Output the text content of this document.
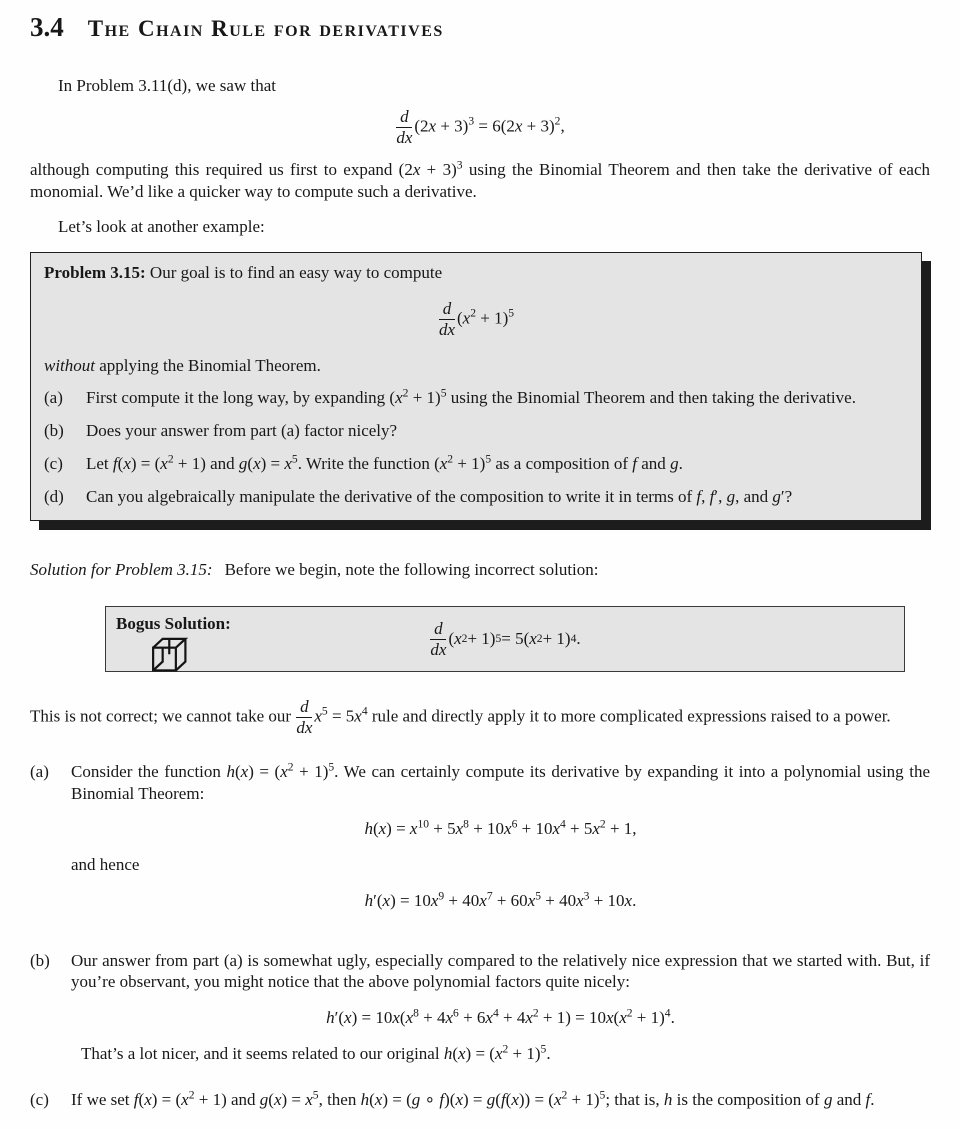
3.4 The Chain Rule for derivatives

In Problem 3.11(d), we saw that

$\frac{d}{dx} (2x + 3)^3 = 6(2x + 3)^2$,

although computing this required us first to expand $(2x + 3)^3$ using the Binomial Theorem and then take the derivative of each monomial. We’d like a quicker way to compute such a derivative.

Let’s look at another example:

Problem 3.15: Our goal is to find an easy way to compute

$\frac{d}{dx} (x^2 + 1)^5$

without applying the Binomial Theorem.

(a)	First compute it the long way, by expanding $(x^2 + 1)^5$ using the Binomial Theorem and then taking the derivative.
(b)	Does your answer from part (a) factor nicely?
(c)	Let $f(x) = (x^2 + 1)$ and $g(x) = x^5$. Write the function $(x^2 + 1)^5$ as a composition of f and g.
(d)	Can you algebraically manipulate the derivative of the composition to write it in terms of f, f′, g, and g′?

Solution for Problem 3.15: Before we begin, note the following incorrect solution:

Bogus Solution:	$\frac{d}{dx}$ ( x 2 + 1) 5 = 5( x 2 + 1) 4 .

This is not correct; we cannot take our $\frac{d}{dx} x^5 = 5x^4$ rule and directly apply it to more complicated expressions raised to a power.

(a)	Consider the function $h(x) = (x^2 + 1)^5$. We can certainly compute its derivative by expanding it into a polynomial using the Binomial Theorem:

$h(x) = x^{10} + 5x^8 + 10x^6 + 10x^4 + 5x^2 + 1$,

and hence

$h'(x) = 10x^9 + 40x^7 + 60x^5 + 40x^3 + 10x$.
(b)	Our answer from part (a) is somewhat ugly, especially compared to the relatively nice expression that we started with. But, if you’re observant, you might notice that the above polynomial factors quite nicely:

$h'(x) = 10x(x^8 + 4x^6 + 6x^4 + 4x^2 + 1) = 10x(x^2 + 1)^4$.

That’s a lot nicer, and it seems related to our original $h(x) = (x^2 + 1)^5$.

(c)	If we set $f(x) = (x^2 + 1)$ and $g(x) = x^5$, then h(x) = (g ∘ $f)(x) = g(f(x)) = (x^2 + 1)^5$; that is, h is the composition of g and f.
